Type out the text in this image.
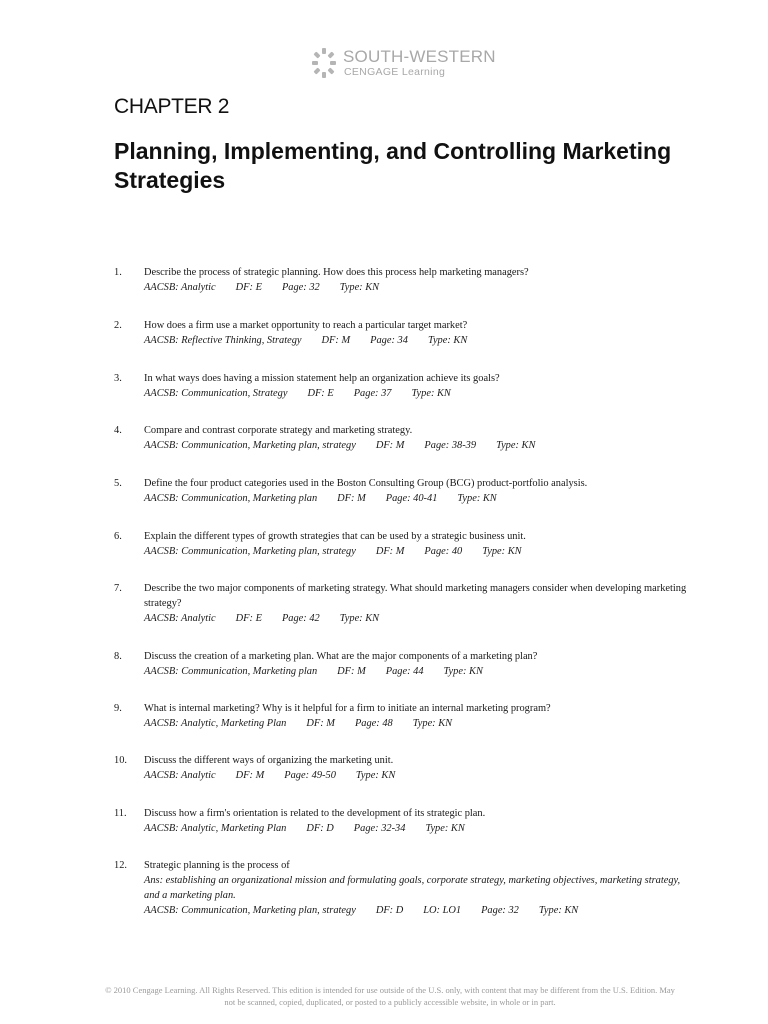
SOUTH-WESTERN
CENGAGE Learning
CHAPTER 2
Planning, Implementing, and Controlling Marketing Strategies
1. Describe the process of strategic planning. How does this process help marketing managers?
AACSB: Analytic DF: E Page: 32 Type: KN
2. How does a firm use a market opportunity to reach a particular target market?
AACSB: Reflective Thinking, Strategy DF: M Page: 34 Type: KN
3. In what ways does having a mission statement help an organization achieve its goals?
AACSB: Communication, Strategy DF: E Page: 37 Type: KN
4. Compare and contrast corporate strategy and marketing strategy.
AACSB: Communication, Marketing plan, strategy DF: M Page: 38-39 Type: KN
5. Define the four product categories used in the Boston Consulting Group (BCG) product-portfolio analysis.
AACSB: Communication, Marketing plan DF: M Page: 40-41 Type: KN
6. Explain the different types of growth strategies that can be used by a strategic business unit.
AACSB: Communication, Marketing plan, strategy DF: M Page: 40 Type: KN
7. Describe the two major components of marketing strategy. What should marketing managers consider when developing marketing strategy?
AACSB: Analytic DF: E Page: 42 Type: KN
8. Discuss the creation of a marketing plan. What are the major components of a marketing plan?
AACSB: Communication, Marketing plan DF: M Page: 44 Type: KN
9. What is internal marketing? Why is it helpful for a firm to initiate an internal marketing program?
AACSB: Analytic, Marketing Plan DF: M Page: 48 Type: KN
10. Discuss the different ways of organizing the marketing unit.
AACSB: Analytic DF: M Page: 49-50 Type: KN
11. Discuss how a firm's orientation is related to the development of its strategic plan.
AACSB: Analytic, Marketing Plan DF: D Page: 32-34 Type: KN
12. Strategic planning is the process of
Ans: establishing an organizational mission and formulating goals, corporate strategy, marketing objectives, marketing strategy, and a marketing plan.
AACSB: Communication, Marketing plan, strategy DF: D LO: LO1 Page: 32 Type: KN
© 2010 Cengage Learning. All Rights Reserved. This edition is intended for use outside of the U.S. only, with content that may be different from the U.S. Edition. May not be scanned, copied, duplicated, or posted to a publicly accessible website, in whole or in part.
